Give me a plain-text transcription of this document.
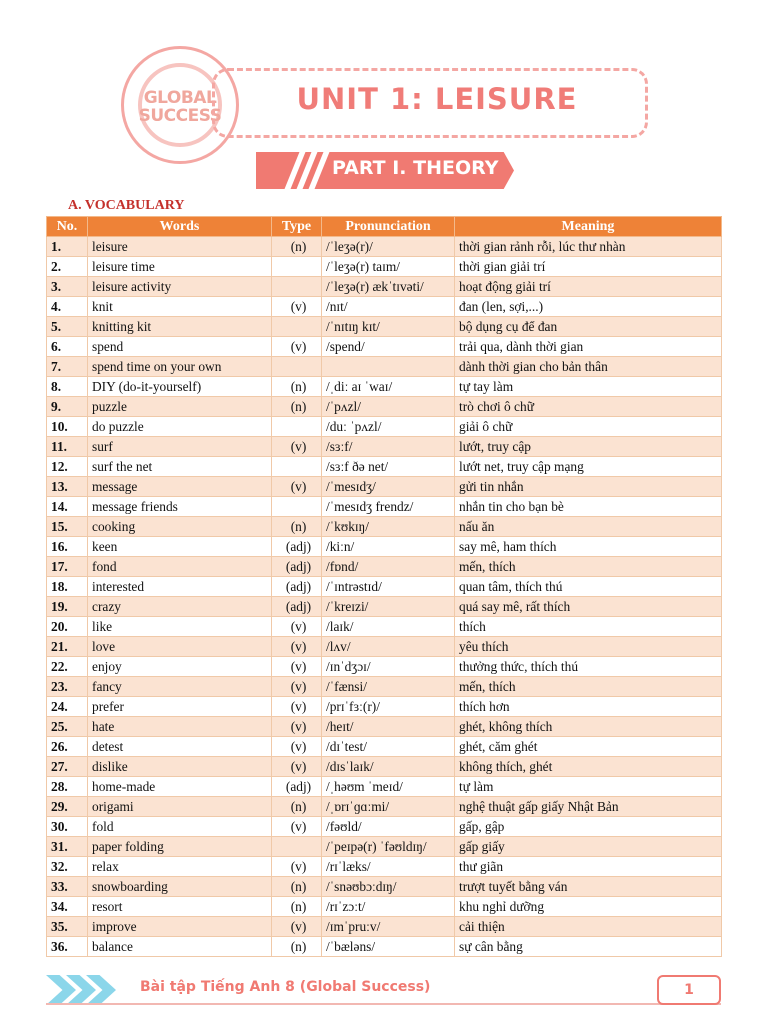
GLOBAL
SUCCESS	UNIT 1: LEISURE
PART I. THEORY
A. VOCABULARY
No.	Words	Type	Pronunciation	Meaning
1.	leisure	(n)	/ˈleʒə(r)/	thời gian rảnh rỗi, lúc thư nhàn
2.	leisure time		/ˈleʒə(r) taɪm/	thời gian giải trí
3.	leisure activity		/ˈleʒə(r) ækˈtɪvəti/	hoạt động giải trí
4.	knit	(v)	/nɪt/	đan (len, sợi,...)
5.	knitting kit		/ˈnɪtɪŋ kɪt/	bộ dụng cụ để đan
6.	spend	(v)	/spend/	trải qua, dành thời gian
7.	spend time on your own			dành thời gian cho bản thân
8.	DIY (do-it-yourself)	(n)	/ˌdiː aɪ ˈwaɪ/	tự tay làm
9.	puzzle	(n)	/ˈpʌzl/	trò chơi ô chữ
10.	do puzzle		/duː ˈpʌzl/	giải ô chữ
11.	surf	(v)	/sɜːf/	lướt, truy cập
12.	surf the net		/sɜːf ðə net/	lướt net, truy cập mạng
13.	message	(v)	/ˈmesɪdʒ/	gửi tin nhắn
14.	message friends		/ˈmesɪdʒ frendz/	nhắn tin cho bạn bè
15.	cooking	(n)	/ˈkʊkɪŋ/	nấu ăn
16.	keen	(adj)	/kiːn/	say mê, ham thích
17.	fond	(adj)	/fɒnd/	mến, thích
18.	interested	(adj)	/ˈɪntrəstɪd/	quan tâm, thích thú
19.	crazy	(adj)	/ˈkreɪzi/	quá say mê, rất thích
20.	like	(v)	/laɪk/	thích
21.	love	(v)	/lʌv/	yêu thích
22.	enjoy	(v)	/ɪnˈdʒɔɪ/	thưởng thức, thích thú
23.	fancy	(v)	/ˈfænsi/	mến, thích
24.	prefer	(v)	/prɪˈfɜː(r)/	thích hơn
25.	hate	(v)	/heɪt/	ghét, không thích
26.	detest	(v)	/dɪˈtest/	ghét, căm ghét
27.	dislike	(v)	/dɪsˈlaɪk/	không thích, ghét
28.	home-made	(adj)	/ˌhəʊm ˈmeɪd/	tự làm
29.	origami	(n)	/ˌɒrɪˈɡɑːmi/	nghệ thuật gấp giấy Nhật Bản
30.	fold	(v)	/fəʊld/	gấp, gập
31.	paper folding		/ˈpeɪpə(r) ˈfəʊldɪŋ/	gấp giấy
32.	relax	(v)	/rɪˈlæks/	thư giãn
33.	snowboarding	(n)	/ˈsnəʊbɔːdɪŋ/	trượt tuyết bằng ván
34.	resort	(n)	/rɪˈzɔːt/	khu nghỉ dưỡng
35.	improve	(v)	/ɪmˈpruːv/	cải thiện
36.	balance	(n)	/ˈbæləns/	sự cân bằng
Bài tập Tiếng Anh 8 (Global Success)	1
